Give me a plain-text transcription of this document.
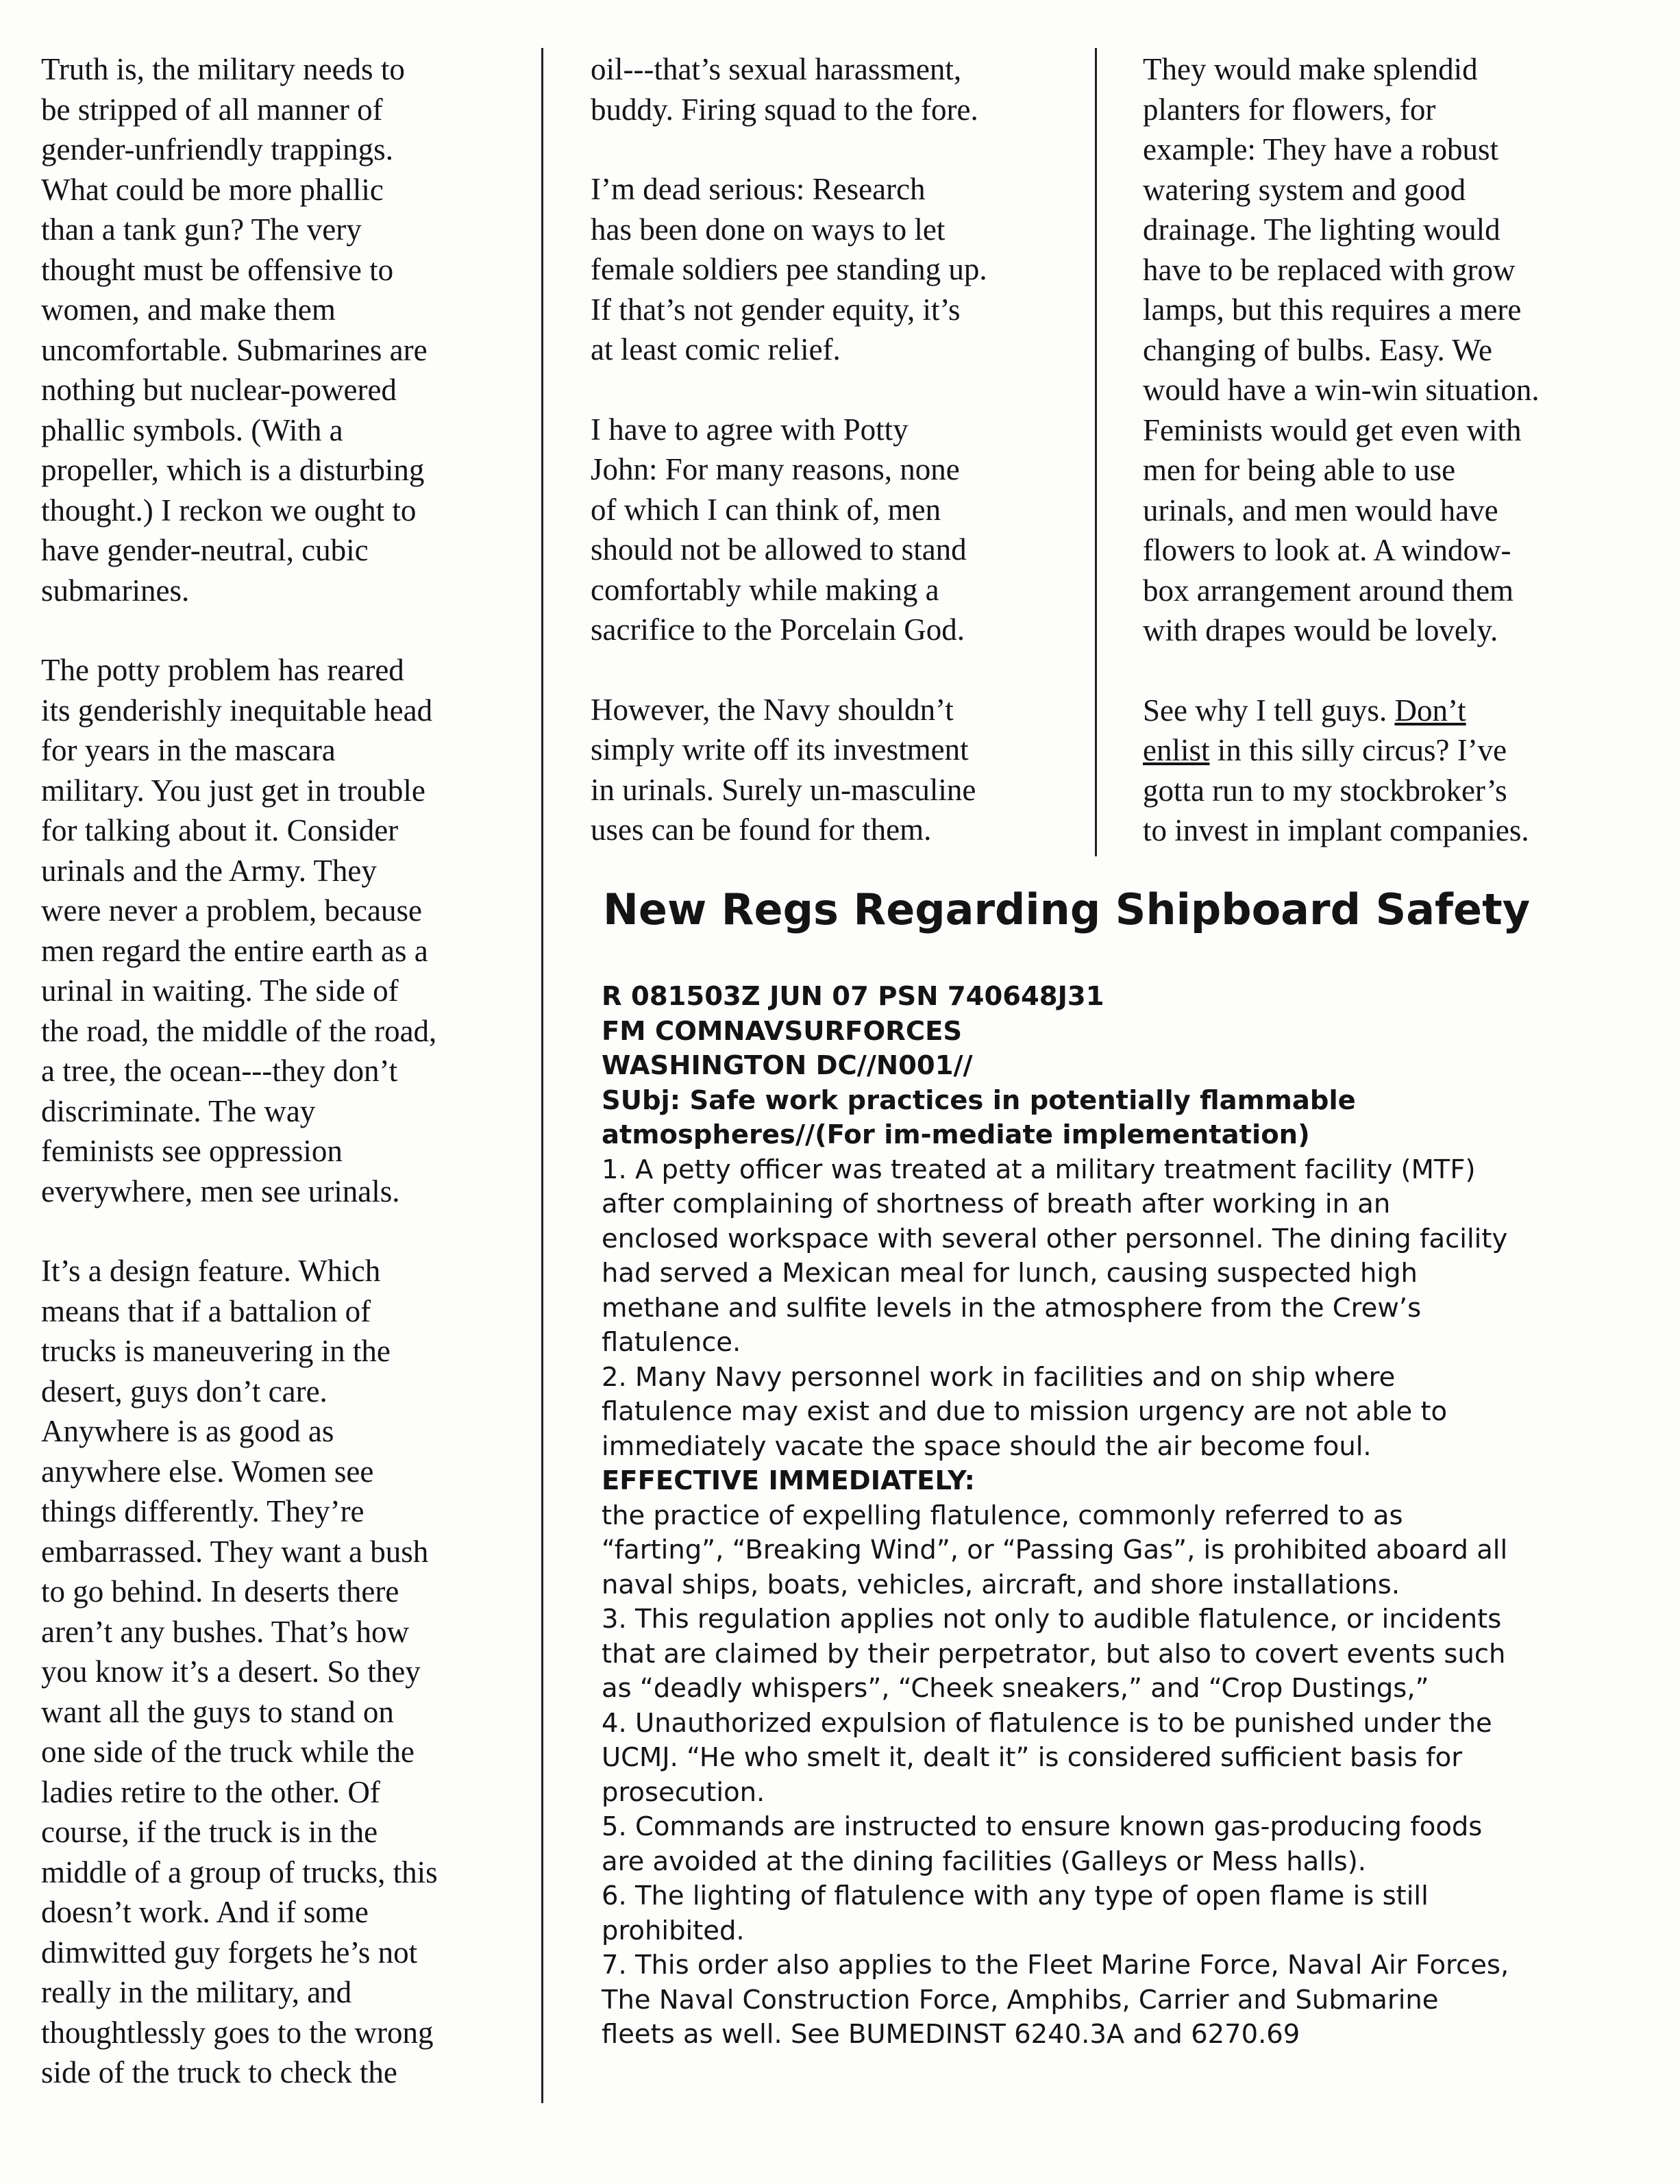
Truth is, the military needs to
be stripped of all manner of
gender-unfriendly trappings.
What could be more phallic
than a tank gun? The very
thought must be offensive to
women, and make them
uncomfortable. Submarines are
nothing but nuclear-powered
phallic symbols. (With a
propeller, which is a disturbing
thought.) I reckon we ought to
have gender-neutral, cubic
submarines.

The potty problem has reared
its genderishly inequitable head
for years in the mascara
military. You just get in trouble
for talking about it. Consider
urinals and the Army. They
were never a problem, because
men regard the entire earth as a
urinal in waiting. The side of
the road, the middle of the road,
a tree, the ocean---they don’t
discriminate. The way
feminists see oppression
everywhere, men see urinals.

It’s a design feature. Which
means that if a battalion of
trucks is maneuvering in the
desert, guys don’t care.
Anywhere is as good as
anywhere else. Women see
things differently. They’re
embarrassed. They want a bush
to go behind. In deserts there
aren’t any bushes. That’s how
you know it’s a desert. So they
want all the guys to stand on
one side of the truck while the
ladies retire to the other. Of
course, if the truck is in the
middle of a group of trucks, this
doesn’t work. And if some
dimwitted guy forgets he’s not
really in the military, and
thoughtlessly goes to the wrong
side of the truck to check the

oil---that’s sexual harassment,
buddy. Firing squad to the fore.

I’m dead serious: Research
has been done on ways to let
female soldiers pee standing up.
If that’s not gender equity, it’s
at least comic relief.

I have to agree with Potty
John: For many reasons, none
of which I can think of, men
should not be allowed to stand
comfortably while making a
sacrifice to the Porcelain God.

However, the Navy shouldn’t
simply write off its investment
in urinals. Surely un-masculine
uses can be found for them.

They would make splendid
planters for flowers, for
example: They have a robust
watering system and good
drainage. The lighting would
have to be replaced with grow
lamps, but this requires a mere
changing of bulbs. Easy. We
would have a win-win situation.
Feminists would get even with
men for being able to use
urinals, and men would have
flowers to look at. A window-
box arrangement around them
with drapes would be lovely.

See why I tell guys. Don’t
enlist in this silly circus? I’ve
gotta run to my stockbroker’s
to invest in implant companies.

New Regs Regarding Shipboard Safety

R 081503Z JUN 07 PSN 740648J31

FM COMNAVSURFORCES

WASHINGTON DC//N001//

SUbj: Safe work practices in potentially flammable
atmospheres//(For im-mediate implementation)

1. A petty officer was treated at a military treatment facility (MTF)
after complaining of shortness of breath after working in an
enclosed workspace with several other personnel. The dining facility
had served a Mexican meal for lunch, causing suspected high
methane and sulfite levels in the atmosphere from the Crew’s
flatulence.

2. Many Navy personnel work in facilities and on ship where
flatulence may exist and due to mission urgency are not able to
immediately vacate the space should the air become foul.

EFFECTIVE IMMEDIATELY:

the practice of expelling flatulence, commonly referred to as
“farting”, “Breaking Wind”, or “Passing Gas”, is prohibited aboard all
naval ships, boats, vehicles, aircraft, and shore installations.

3. This regulation applies not only to audible flatulence, or incidents
that are claimed by their perpetrator, but also to covert events such
as “deadly whispers”, “Cheek sneakers,” and “Crop Dustings,”

4. Unauthorized expulsion of flatulence is to be punished under the
UCMJ. “He who smelt it, dealt it” is considered sufficient basis for
prosecution.

5. Commands are instructed to ensure known gas-producing foods
are avoided at the dining facilities (Galleys or Mess halls).

6. The lighting of flatulence with any type of open flame is still
prohibited.

7. This order also applies to the Fleet Marine Force, Naval Air Forces,
The Naval Construction Force, Amphibs, Carrier and Submarine
fleets as well. See BUMEDINST 6240.3A and 6270.69
